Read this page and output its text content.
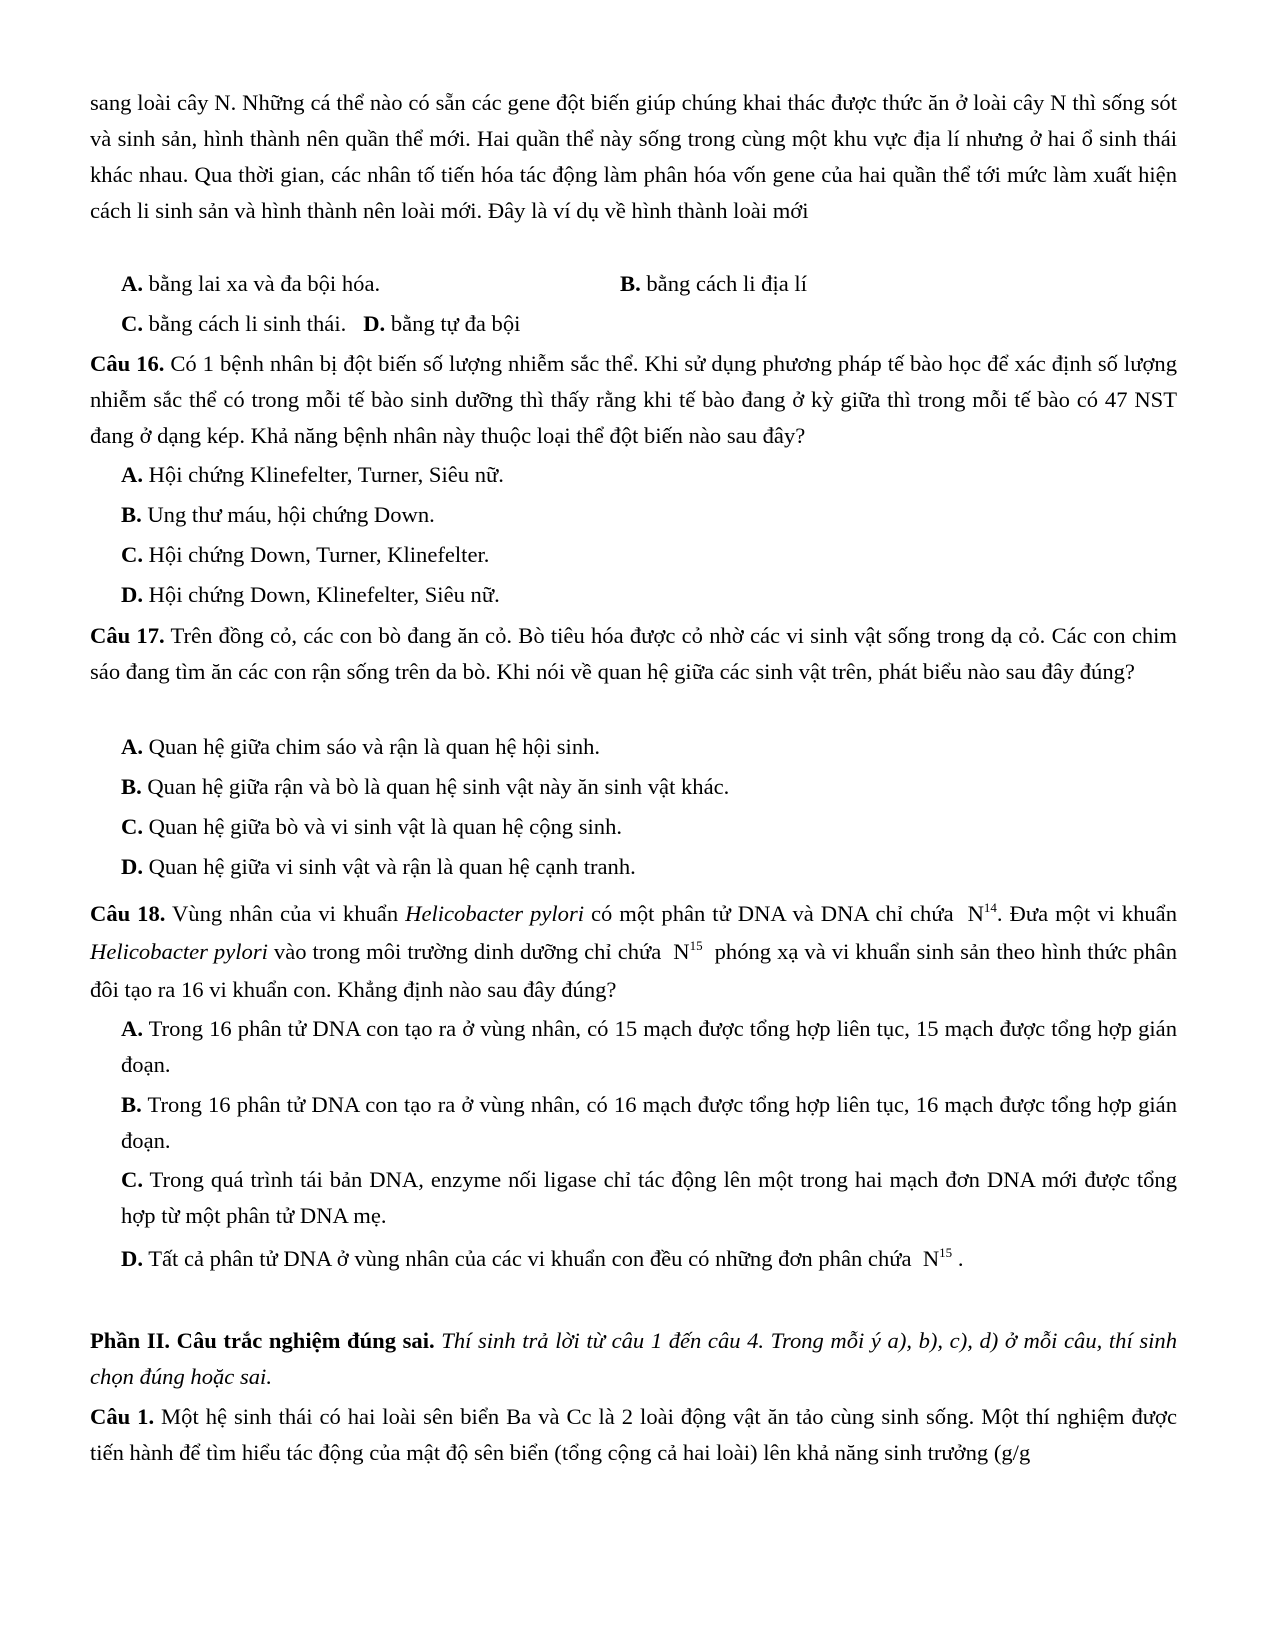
sang loài cây N. Những cá thể nào có sẵn các gene đột biến giúp chúng khai thác được thức ăn ở loài cây N thì sống sót và sinh sản, hình thành nên quần thể mới. Hai quần thể này sống trong cùng một khu vực địa lí nhưng ở hai ổ sinh thái khác nhau. Qua thời gian, các nhân tố tiến hóa tác động làm phân hóa vốn gene của hai quần thể tới mức làm xuất hiện cách li sinh sản và hình thành nên loài mới. Đây là ví dụ về hình thành loài mới
A. bằng lai xa và đa bội hóa.	B. bằng cách li địa lí
C. bằng cách li sinh thái. D. bằng tự đa bội
Câu 16. Có 1 bệnh nhân bị đột biến số lượng nhiễm sắc thể. Khi sử dụng phương pháp tế bào học để xác định số lượng nhiễm sắc thể có trong mỗi tế bào sinh dưỡng thì thấy rằng khi tế bào đang ở kỳ giữa thì trong mỗi tế bào có 47 NST đang ở dạng kép. Khả năng bệnh nhân này thuộc loại thể đột biến nào sau đây?
A. Hội chứng Klinefelter, Turner, Siêu nữ.
B. Ung thư máu, hội chứng Down.
C. Hội chứng Down, Turner, Klinefelter.
D. Hội chứng Down, Klinefelter, Siêu nữ.
Câu 17. Trên đồng cỏ, các con bò đang ăn cỏ. Bò tiêu hóa được cỏ nhờ các vi sinh vật sống trong dạ cỏ. Các con chim sáo đang tìm ăn các con rận sống trên da bò. Khi nói về quan hệ giữa các sinh vật trên, phát biểu nào sau đây đúng?
A. Quan hệ giữa chim sáo và rận là quan hệ hội sinh.
B. Quan hệ giữa rận và bò là quan hệ sinh vật này ăn sinh vật khác.
C. Quan hệ giữa bò và vi sinh vật là quan hệ cộng sinh.
D. Quan hệ giữa vi sinh vật và rận là quan hệ cạnh tranh.
Câu 18. Vùng nhân của vi khuẩn Helicobacter pylori có một phân tử DNA và DNA chỉ chứa  $N^{14}$. Đưa một vi khuẩn Helicobacter pylori vào trong môi trường dinh dưỡng chỉ chứa  $N^{15}$  phóng xạ và vi khuẩn sinh sản theo hình thức phân đôi tạo ra 16 vi khuẩn con. Khẳng định nào sau đây đúng?
A. Trong 16 phân tử DNA con tạo ra ở vùng nhân, có 15 mạch được tổng hợp liên tục, 15 mạch được tổng hợp gián đoạn.
B. Trong 16 phân tử DNA con tạo ra ở vùng nhân, có 16 mạch được tổng hợp liên tục, 16 mạch được tổng hợp gián đoạn.
C. Trong quá trình tái bản DNA, enzyme nối ligase chỉ tác động lên một trong hai mạch đơn DNA mới được tổng hợp từ một phân tử DNA mẹ.
D. Tất cả phân tử DNA ở vùng nhân của các vi khuẩn con đều có những đơn phân chứa  $N^{15}$ .
Phần II. Câu trắc nghiệm đúng sai. Thí sinh trả lời từ câu 1 đến câu 4. Trong mỗi ý a), b), c), d) ở mỗi câu, thí sinh chọn đúng hoặc sai.
Câu 1. Một hệ sinh thái có hai loài sên biển Ba và Cc là 2 loài động vật ăn tảo cùng sinh sống. Một thí nghiệm được tiến hành để tìm hiểu tác động của mật độ sên biển (tổng cộng cả hai loài) lên khả năng sinh trưởng (g/g
